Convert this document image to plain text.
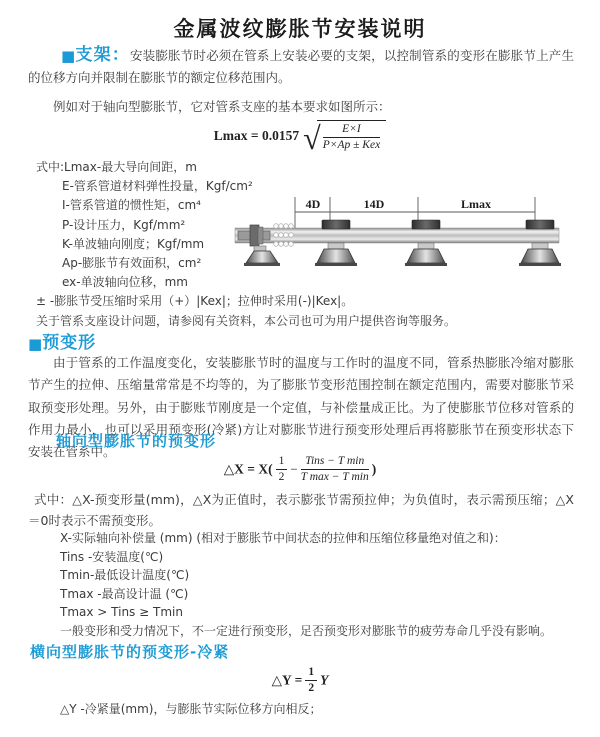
金属波纹膨胀节安装说明

■支架：安装膨胀节时必须在管系上安装必要的支架，以控制管系的变形在膨胀节上产生的位移方向并限制在膨胀节的额定位移范围内。

例如对于轴向型膨胀节，它对管系支座的基本要求如图所示：

Lmax = 0.0157 √ $\frac{E\times I}{\text{P×Ap ± Kex}}$
式中:Lmax-最大导向间距，m
E-管系管道材料弹性投量，Kgf/cm²
I-管系管道的惯性矩，cm⁴
P-设计压力，Kgf/mm²
K-单波轴向刚度；Kgf/mm
Ap-膨胀节有效面积，cm²
ex-单波轴向位移，mm
± -膨胀节受压缩时采用（+）|Kex|；拉伸时采用(-)|Kex|。
关于管系支座设计问题，请参阅有关资料，本公司也可为用户提供咨询等服务。
4D	14D	Lmax
■预变形

由于管系的工作温度变化，安装膨胀节时的温度与工作时的温度不同，管系热膨胀冷缩对膨胀节产生的拉伸、压缩量常常是不均等的，为了膨胀节变形范围控制在额定范围内，需要对膨胀节采取预变形处理。另外，由于膨账节刚度是一个定值，与补偿量成正比。为了使膨胀节位移对管系的作用力最小，也可以采用预变形(冷紧)方让对膨胀节进行预变形处理后再将膨胀节在预变形状态下安装在管系中。

轴向型膨胀节的预变形
△X = $X( \frac{1}{2} - \frac{\text{Tins − T min}}{\text{T max − T min}}$ )

式中：△X-预变形量(mm)，△X为正值时，表示膨张节需预拉伸；为负值时，表示需预压缩；△X＝0时表示不需预变形。

X-实际轴向补偿量 (mm) (相对于膨胀节中间状态的拉伸和压缩位移量绝对值之和)：
Tins -安装温度(℃)
Tmin-最低设计温度(℃)
Tmax -最高设计温 (℃)
Tmax > Tins ≥ Tmin
一般变形和受力情况下，不一定进行预变形，足否预变形对膨胀节的疲劳寿命几乎没有影响。
横向型膨胀节的预变形-冷紧
△Y = $\frac{1}{2}$ Y
△Y -冷紧量(mm)，与膨胀节实际位移方向相反；
